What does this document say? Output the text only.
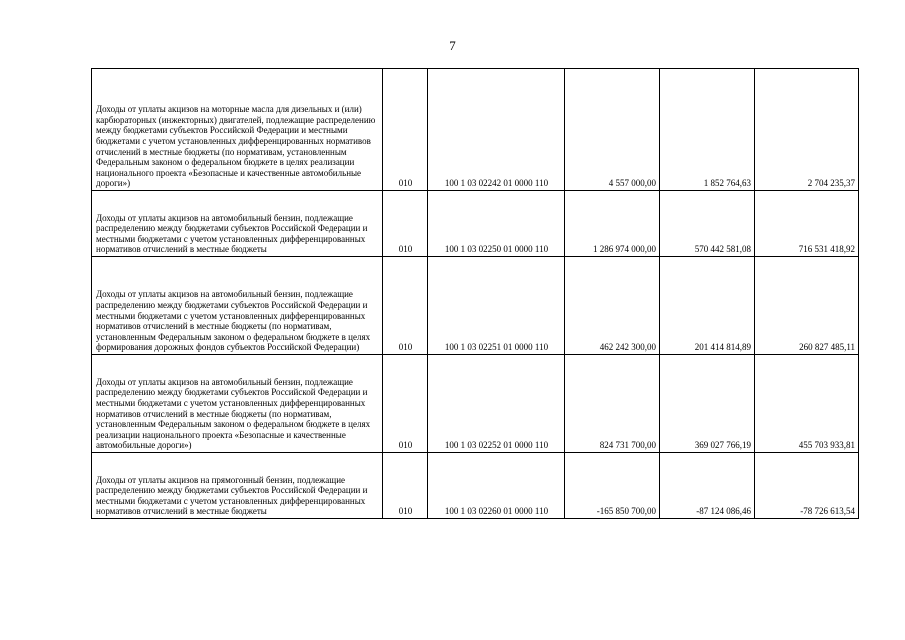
7
Доходы от уплаты акцизов на моторные масла для дизельных и (или) карбюраторных (инжекторных) двигателей, подлежащие распределению между бюджетами субъектов Российской Федерации и местными бюджетами с учетом установленных дифференцированных нормативов отчислений в местные бюджеты (по нормативам, установленным Федеральным законом о федеральном бюджете в целях реализации национального проекта «Безопасные и качественные автомобильные дороги»)	010	100 1 03 02242 01 0000 110	4 557 000,00	1 852 764,63	2 704 235,37
Доходы от уплаты акцизов на автомобильный бензин, подлежащие распределению между бюджетами субъектов Российской Федерации и местными бюджетами с учетом установленных дифференцированных нормативов отчислений в местные бюджеты	010	100 1 03 02250 01 0000 110	1 286 974 000,00	570 442 581,08	716 531 418,92
Доходы от уплаты акцизов на автомобильный бензин, подлежащие распределению между бюджетами субъектов Российской Федерации и местными бюджетами с учетом установленных дифференцированных нормативов отчислений в местные бюджеты (по нормативам, установленным Федеральным законом о федеральном бюджете в целях формирования дорожных фондов субъектов Российской Федерации)	010	100 1 03 02251 01 0000 110	462 242 300,00	201 414 814,89	260 827 485,11
Доходы от уплаты акцизов на автомобильный бензин, подлежащие распределению между бюджетами субъектов Российской Федерации и местными бюджетами с учетом установленных дифференцированных нормативов отчислений в местные бюджеты (по нормативам, установленным Федеральным законом о федеральном бюджете в целях реализации национального проекта «Безопасные и качественные автомобильные дороги»)	010	100 1 03 02252 01 0000 110	824 731 700,00	369 027 766,19	455 703 933,81
Доходы от уплаты акцизов на прямогонный бензин, подлежащие распределению между бюджетами субъектов Российской Федерации и местными бюджетами с учетом установленных дифференцированных нормативов отчислений в местные бюджеты	010	100 1 03 02260 01 0000 110	-165 850 700,00	-87 124 086,46	-78 726 613,54
